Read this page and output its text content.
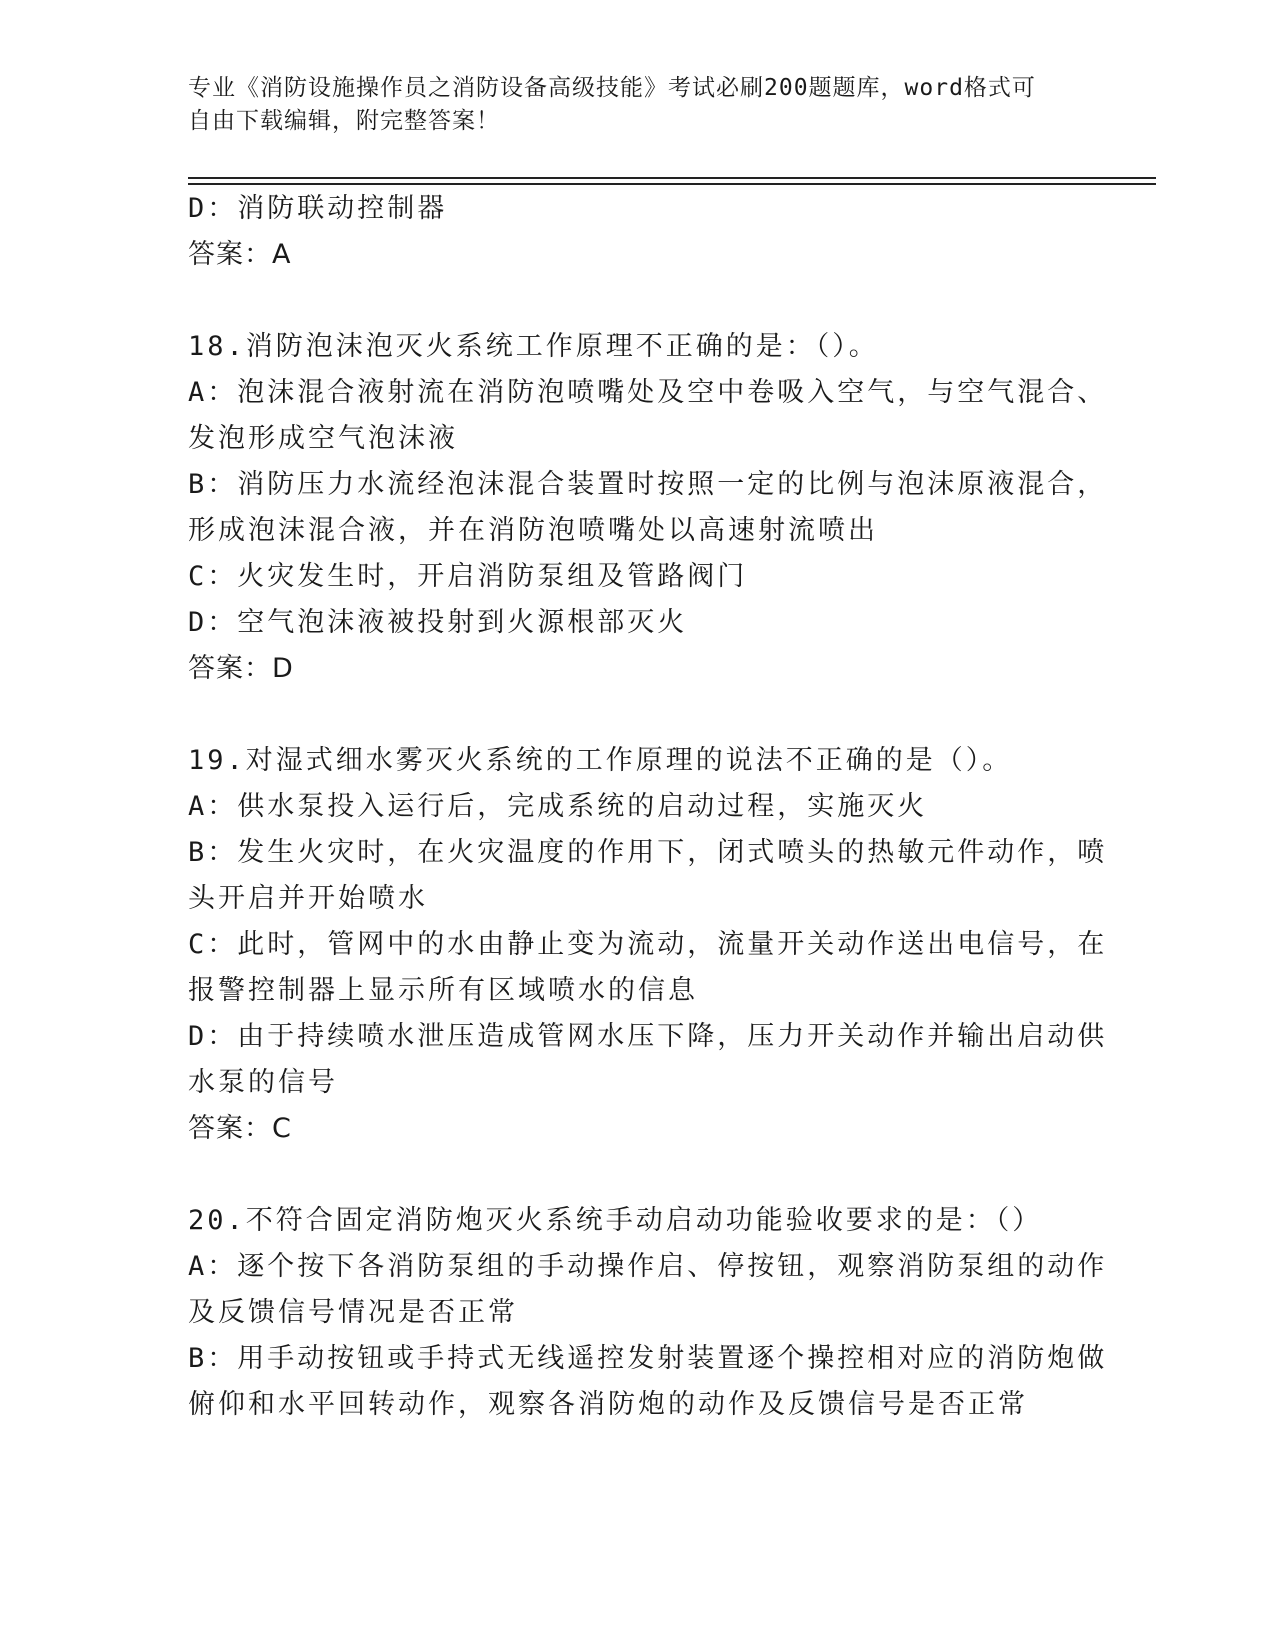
专业《消防设施操作员之消防设备高级技能》考试必刷200题题库，word格式可
自由下载编辑，附完整答案！
D：消防联动控制器
答案：A
18.消防泡沫泡灭火系统工作原理不正确的是：（）。
A：泡沫混合液射流在消防泡喷嘴处及空中卷吸入空气，与空气混合、
发泡形成空气泡沫液
B：消防压力水流经泡沫混合装置时按照一定的比例与泡沫原液混合，
形成泡沫混合液，并在消防泡喷嘴处以高速射流喷出
C：火灾发生时，开启消防泵组及管路阀门
D：空气泡沫液被投射到火源根部灭火
答案：D
19.对湿式细水雾灭火系统的工作原理的说法不正确的是（）。
A：供水泵投入运行后，完成系统的启动过程，实施灭火
B：发生火灾时，在火灾温度的作用下，闭式喷头的热敏元件动作，喷
头开启并开始喷水
C：此时，管网中的水由静止变为流动，流量开关动作送出电信号，在
报警控制器上显示所有区域喷水的信息
D：由于持续喷水泄压造成管网水压下降，压力开关动作并输出启动供
水泵的信号
答案：C
20.不符合固定消防炮灭火系统手动启动功能验收要求的是：（）
A：逐个按下各消防泵组的手动操作启、停按钮，观察消防泵组的动作
及反馈信号情况是否正常
B：用手动按钮或手持式无线遥控发射装置逐个操控相对应的消防炮做
俯仰和水平回转动作，观察各消防炮的动作及反馈信号是否正常
